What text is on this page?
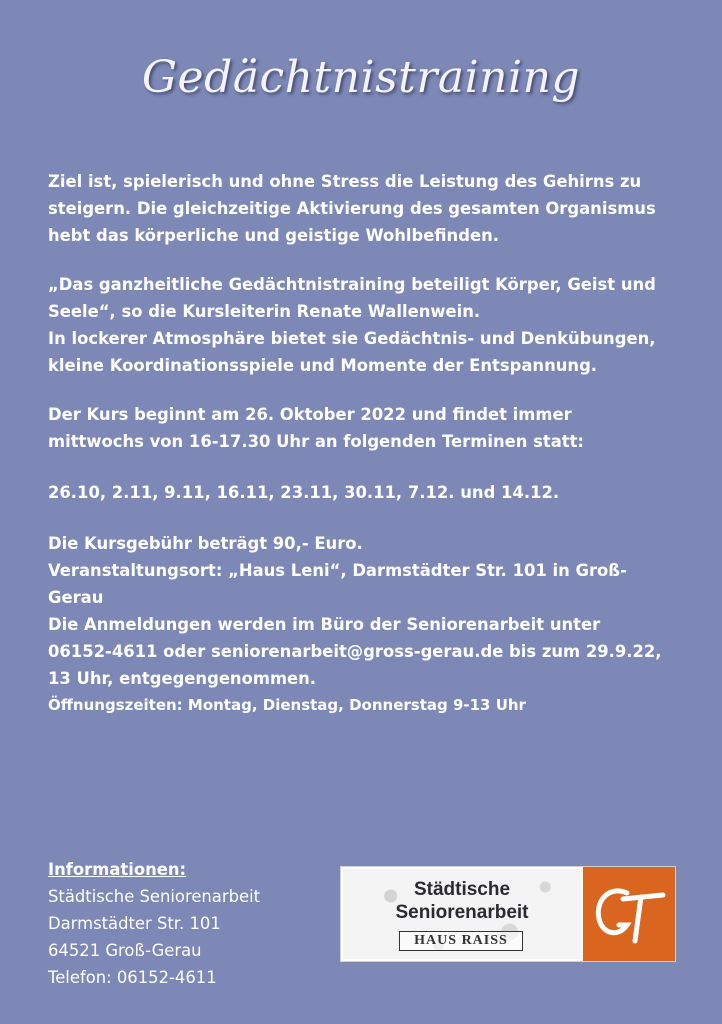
Gedächtnistraining

Ziel ist, spielerisch und ohne Stress die Leistung des Gehirns zu steigern. Die gleichzeitige Aktivierung des gesamten Organismus hebt das körperliche und geistige Wohlbefinden.

„Das ganzheitliche Gedächtnistraining beteiligt Körper, Geist und Seele“, so die Kursleiterin Renate Wallenwein.

In lockerer Atmosphäre bietet sie Gedächtnis- und Denkübungen, kleine Koordinationsspiele und Momente der Entspannung.

Der Kurs beginnt am 26. Oktober 2022 und findet immer mittwochs von 16-17.30 Uhr an folgenden Terminen statt:

26.10, 2.11, 9.11, 16.11, 23.11, 30.11, 7.12. und 14.12.

Die Kursgebühr beträgt 90,- Euro.

Veranstaltungsort: „Haus Leni“, Darmstädter Str. 101 in Groß-Gerau

Die Anmeldungen werden im Büro der Seniorenarbeit unter 06152-4611 oder seniorenarbeit@gross-gerau.de bis zum 29.9.22, 13 Uhr, entgegengenommen.

Öffnungszeiten: Montag, Dienstag, Donnerstag 9-13 Uhr

Informationen:
Städtische Seniorenarbeit
Darmstädter Str. 101
64521 Groß-Gerau
Telefon: 06152-4611
Städtische
Seniorenarbeit
HAUS RAISS
